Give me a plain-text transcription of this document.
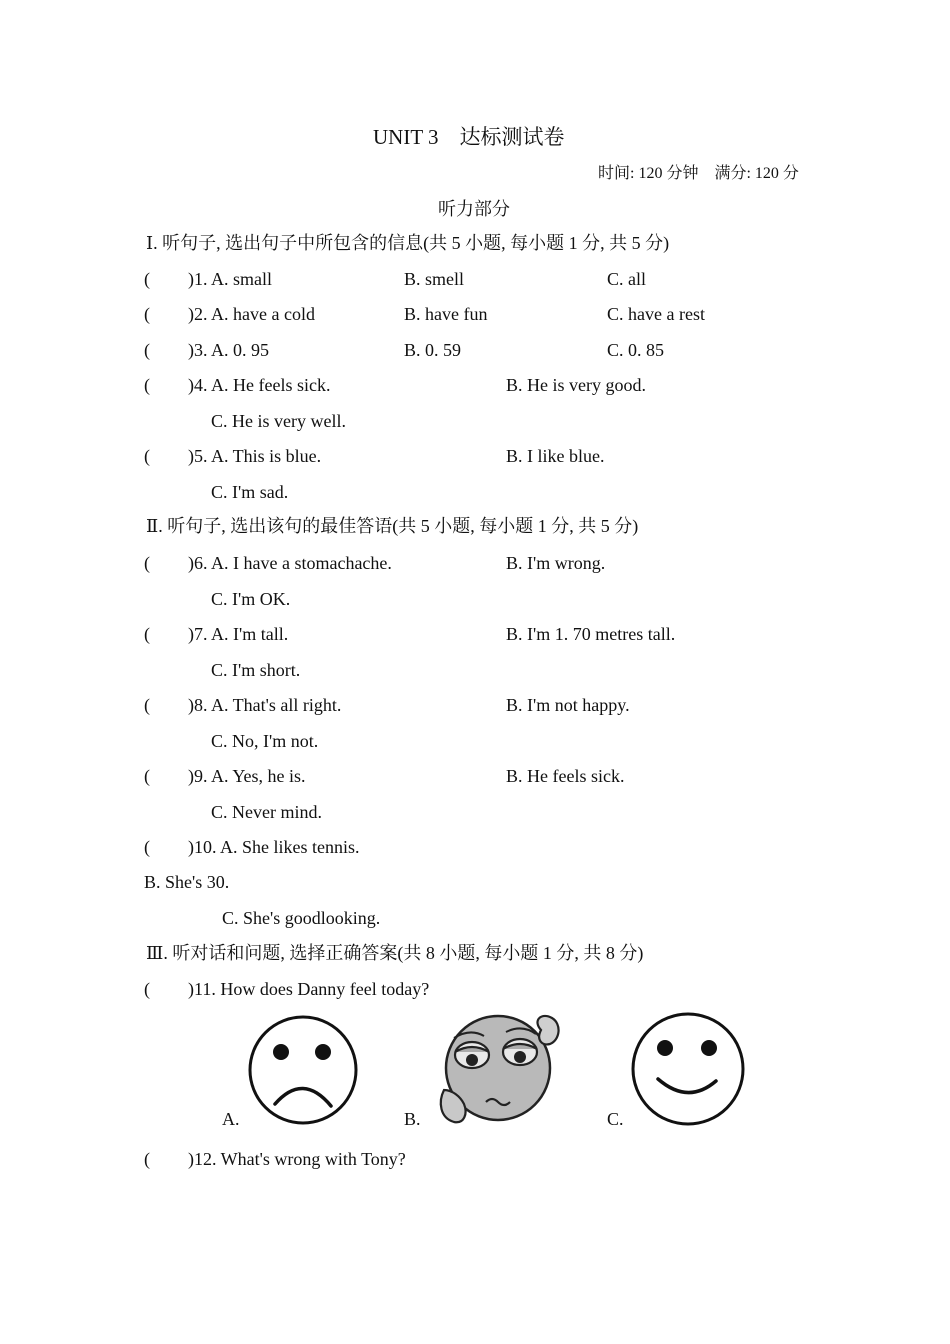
UNIT 3　达标测试卷
时间: 120 分钟　满分: 120 分
听力部分
Ⅰ. 听句子, 选出句子中所包含的信息(共 5 小题, 每小题 1 分, 共 5 分)
( )1. A. small	B. smell	C. all
( )2. A. have a cold	B. have fun	C. have a rest
( )3. A. 0. 95	B. 0. 59	C. 0. 85
( )4. A. He feels sick.	B. He is very good.
C. He is very well.
( )5. A. This is blue.	B. I like blue.
C. I'm sad.
Ⅱ. 听句子, 选出该句的最佳答语(共 5 小题, 每小题 1 分, 共 5 分)
( )6. A. I have a stomachache.	B. I'm wrong.
C. I'm OK.
( )7. A. I'm tall.	B. I'm 1. 70 metres tall.
C. I'm short.
( )8. A. That's all right.	B. I'm not happy.
C. No, I'm not.
( )9. A. Yes, he is.	B. He feels sick.
C. Never mind.
( )10. A. She likes tennis.
B. She's 30.
C. She's goodlooking.
Ⅲ. 听对话和问题, 选择正确答案(共 8 小题, 每小题 1 分, 共 8 分)
( )11. How does Danny feel today?
A.	B.	C.
( )12. What's wrong with Tony?
